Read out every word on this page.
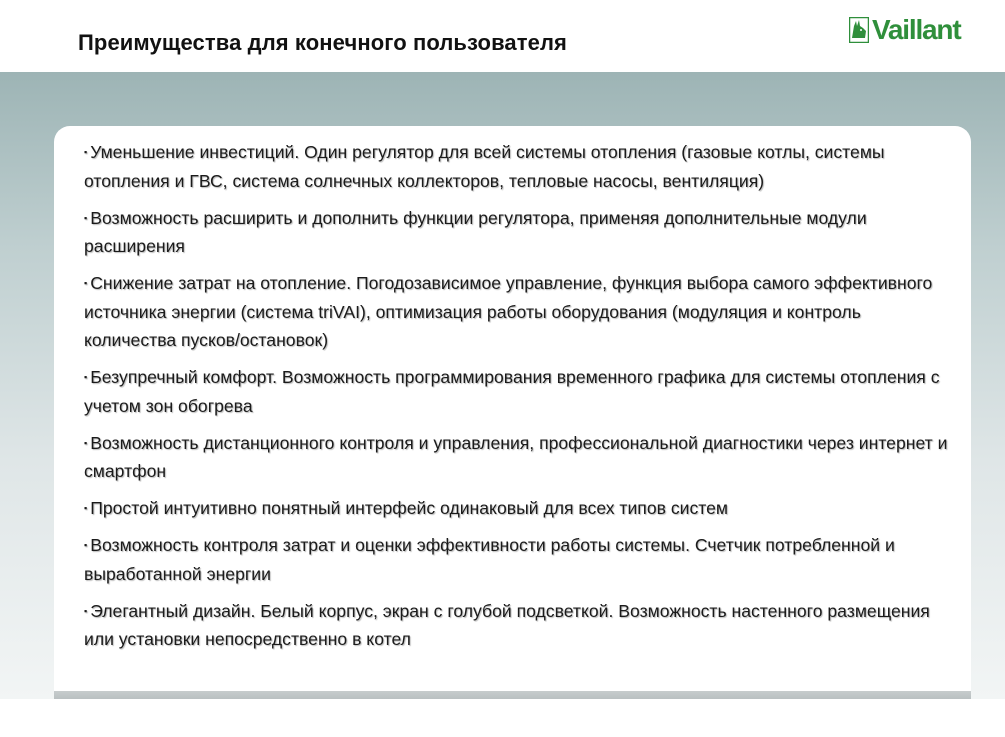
Преимущества для конечного пользователя	Vaillant
▪ Уменьшение инвестиций. Один регулятор для всей системы отопления (газовые котлы, системы отопления и ГВС, система солнечных коллекторов, тепловые насосы, вентиляция)
▪ Возможность расширить и дополнить функции регулятора, применяя дополнительные модули расширения
▪ Снижение затрат на отопление. Погодозависимое управление, функция выбора самого эффективного источника энергии (система triVAI), оптимизация работы оборудования (модуляция и контроль количества пусков/остановок)
▪ Безупречный комфорт. Возможность программирования временного графика для системы отопления с учетом зон обогрева
▪ Возможность дистанционного контроля и управления, профессиональной диагностики через интернет и смартфон
▪ Простой интуитивно понятный интерфейс одинаковый для всех типов систем
▪ Возможность контроля затрат и оценки эффективности работы системы. Счетчик потребленной и выработанной энергии
▪ Элегантный дизайн. Белый корпус, экран с голубой подсветкой. Возможность настенного размещения или установки непосредственно в котел
